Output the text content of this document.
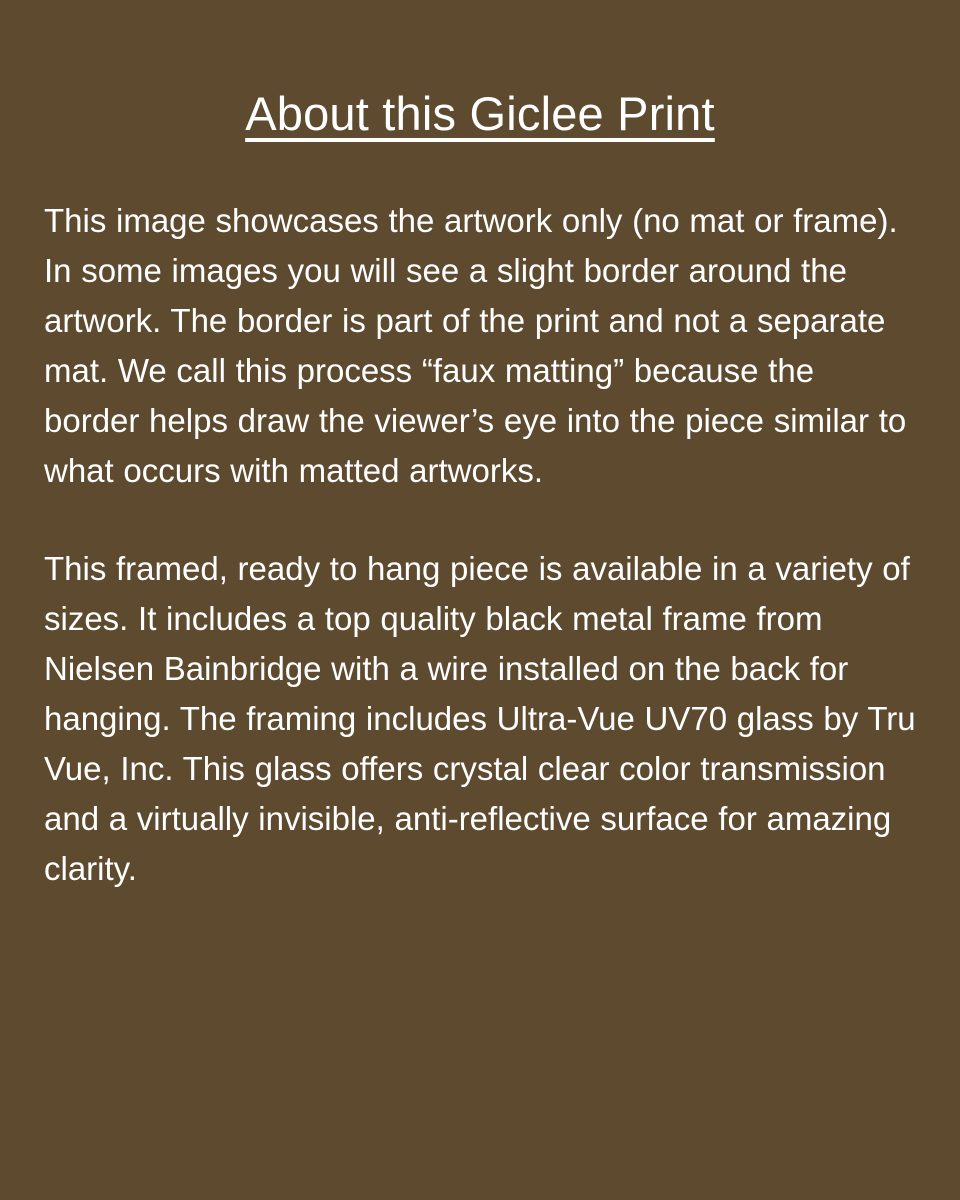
About this Giclee Print

This image showcases the artwork only (no mat or frame). In some images you will see a slight border around the artwork. The border is part of the print and not a separate mat. We call this process “faux matting” because the border helps draw the viewer’s eye into the piece similar to what occurs with matted artworks.

This framed, ready to hang piece is available in a variety of sizes. It includes a top quality black metal frame from Nielsen Bainbridge with a wire installed on the back for hanging. The framing includes Ultra-Vue UV70 glass by Tru Vue, Inc. This glass offers crystal clear color transmission and a virtually invisible, anti-reflective surface for amazing clarity.
